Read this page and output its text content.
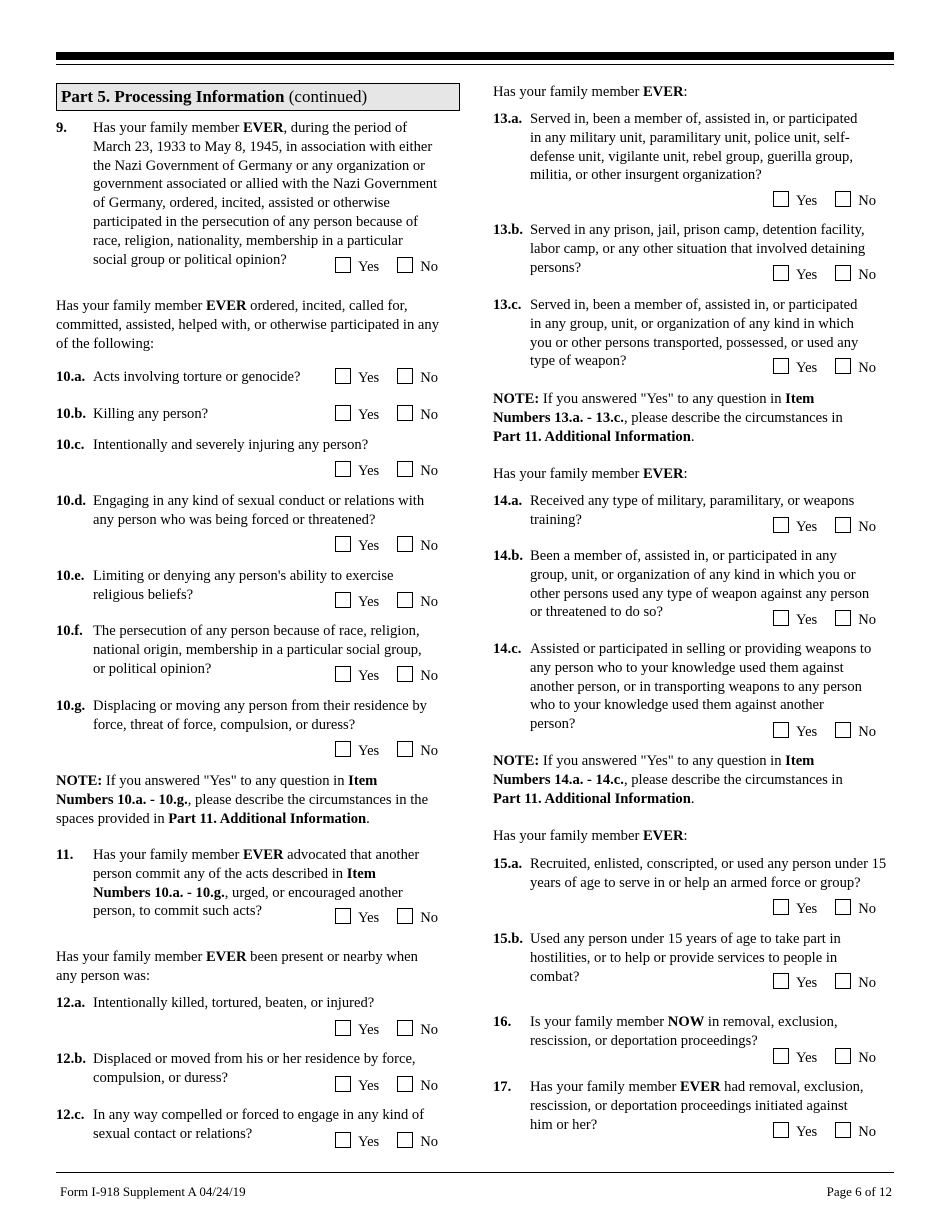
Part 5. Processing Information (continued)
9. Has your family member EVER, during the period of
March 23, 1933 to May 8, 1945, in association with either
the Nazi Government of Germany or any organization or
government associated or allied with the Nazi Government
of Germany, ordered, incited, assisted or otherwise
participated in the persecution of any person because of
race, religion, nationality, membership in a particular
social group or political opinion?	Yes	No
Has your family member EVER ordered, incited, called for,
committed, assisted, helped with, or otherwise participated in any
of the following:
10.a. Acts involving torture or genocide?	Yes	No
10.b. Killing any person?	Yes	No
10.c. Intentionally and severely injuring any person?
Yes	No
10.d. Engaging in any kind of sexual conduct or relations with
any person who was being forced or threatened?
Yes	No
10.e. Limiting or denying any person's ability to exercise
religious beliefs?	Yes	No
10.f. The persecution of any person because of race, religion,
national origin, membership in a particular social group,
or political opinion?	Yes	No
10.g. Displacing or moving any person from their residence by
force, threat of force, compulsion, or duress?
Yes	No
NOTE: If you answered "Yes" to any question in Item
Numbers 10.a. - 10.g., please describe the circumstances in the
spaces provided in Part 11. Additional Information.
11. Has your family member EVER advocated that another
person commit any of the acts described in Item
Numbers 10.a. - 10.g., urged, or encouraged another
person, to commit such acts?	Yes	No
Has your family member EVER been present or nearby when
any person was:
12.a. Intentionally killed, tortured, beaten, or injured?
Yes	No
12.b. Displaced or moved from his or her residence by force,
compulsion, or duress?
Yes	No
12.c. In any way compelled or forced to engage in any kind of
sexual contact or relations?
Yes	No
Has your family member EVER:
13.a. Served in, been a member of, assisted in, or participated
in any military unit, paramilitary unit, police unit, self-
defense unit, vigilante unit, rebel group, guerilla group,
militia, or other insurgent organization?
Yes	No
13.b. Served in any prison, jail, prison camp, detention facility,
labor camp, or any other situation that involved detaining
persons?	Yes	No
13.c. Served in, been a member of, assisted in, or participated
in any group, unit, or organization of any kind in which
you or other persons transported, possessed, or used any
type of weapon?	Yes	No
NOTE: If you answered "Yes" to any question in Item
Numbers 13.a. - 13.c., please describe the circumstances in
Part 11. Additional Information.
Has your family member EVER:
14.a. Received any type of military, paramilitary, or weapons
training?	Yes	No
14.b. Been a member of, assisted in, or participated in any
group, unit, or organization of any kind in which you or
other persons used any type of weapon against any person
or threatened to do so?	Yes	No
14.c. Assisted or participated in selling or providing weapons to
any person who to your knowledge used them against
another person, or in transporting weapons to any person
who to your knowledge used them against another
person?	Yes	No
NOTE: If you answered "Yes" to any question in Item
Numbers 14.a. - 14.c., please describe the circumstances in
Part 11. Additional Information.
Has your family member EVER:
15.a. Recruited, enlisted, conscripted, or used any person under 15
years of age to serve in or help an armed force or group?
Yes	No
15.b. Used any person under 15 years of age to take part in
hostilities, or to help or provide services to people in
combat?	Yes	No
16. Is your family member NOW in removal, exclusion,
rescission, or deportation proceedings?
Yes	No
17. Has your family member EVER had removal, exclusion,
rescission, or deportation proceedings initiated against
him or her?	Yes	No
Form I-918 Supplement A 04/24/19	Page 6 of 12
